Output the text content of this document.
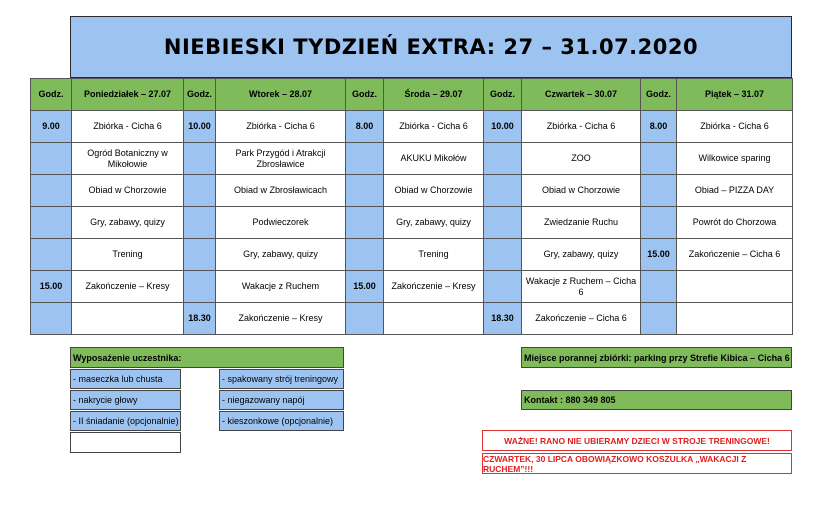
NIEBIESKI TYDZIEŃ EXTRA: 27 – 31.07.2020
Godz.	Poniedziałek – 27.07	Godz.	Wtorek – 28.07	Godz.	Środa – 29.07	Godz.	Czwartek – 30.07	Godz.	Piątek – 31.07
9.00	Zbiórka - Cicha 6	10.00	Zbiórka - Cicha 6	8.00	Zbiórka - Cicha 6	10.00	Zbiórka - Cicha 6	8.00	Zbiórka - Cicha 6
	Ogród Botaniczny w Mikołowie		Park Przygód i Atrakcji Zbrosławice		AKUKU Mikołów		ZOO		Wilkowice sparing
	Obiad w Chorzowie		Obiad w Zbrosławicach		Obiad w Chorzowie		Obiad w Chorzowie		Obiad – PIZZA DAY
	Gry, zabawy, quizy		Podwieczorek		Gry, zabawy, quizy		Zwiedzanie Ruchu		Powrót do Chorzowa
	Trening		Gry, zabawy, quizy		Trening		Gry, zabawy, quizy	15.00	Zakończenie – Cicha 6
15.00	Zakończenie – Kresy		Wakacje z Ruchem	15.00	Zakończenie – Kresy		Wakacje z Ruchem – Cicha 6		
		18.30	Zakończenie – Kresy			18.30	Zakończenie – Cicha 6		
Wyposażenie uczestnika:
- maseczka lub chusta
- nakrycie głowy
- II śniadanie (opcjonalnie)
- spakowany strój treningowy
- niegazowany napój
- kieszonkowe (opcjonalnie)
Miejsce porannej zbiórki: parking przy Strefie Kibica – Cicha 6
Kontakt : 880 349 805
WAŻNE! RANO NIE UBIERAMY DZIECI W STROJE TRENINGOWE!
CZWARTEK, 30 LIPCA OBOWIĄZKOWO KOSZULKA „WAKACJI Z RUCHEM”!!!
